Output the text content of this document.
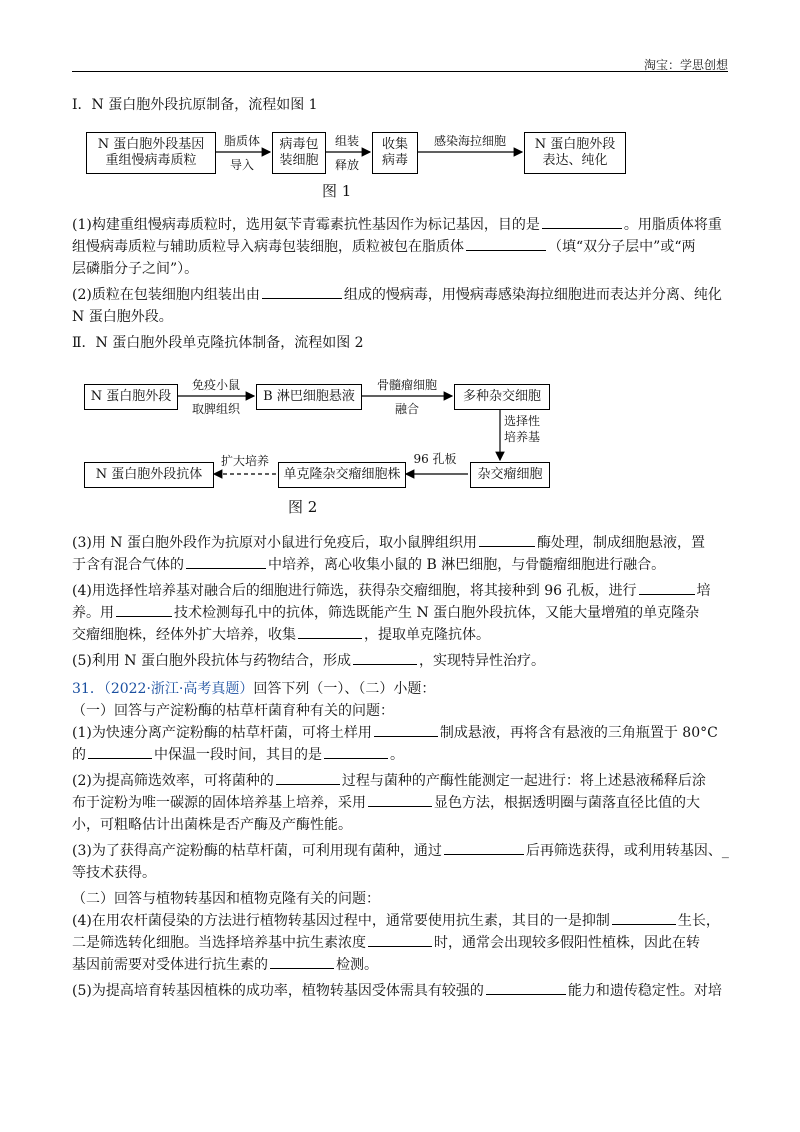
淘宝：学思创想
Ⅰ．N 蛋白胞外段抗原制备，流程如图 1
N 蛋白胞外段基因
重组慢病毒质粒
脂质体
导入
病毒包
装细胞
组装
释放
收集
病毒
感染海拉细胞	N 蛋白胞外段
表达、纯化
图 1
(1)构建重组慢病毒质粒时，选用氨苄青霉素抗性基因作为标记基因，目的是	。用脂质体将重
组慢病毒质粒与辅助质粒导入病毒包装细胞，质粒被包在脂质体	（填“双分子层中”或“两
层磷脂分子之间”）。
(2)质粒在包装细胞内组装出由	组成的慢病毒，用慢病毒感染海拉细胞进而表达并分离、纯化
N 蛋白胞外段。
Ⅱ．N 蛋白胞外段单克隆抗体制备，流程如图 2
N 蛋白胞外段
免疫小鼠
取脾组织
B 淋巴细胞悬液
骨髓瘤细胞
融合
多种杂交细胞
选择性
培养基
杂交瘤细胞
96 孔板
单克隆杂交瘤细胞株
扩大培养
N 蛋白胞外段抗体
图 2
(3)用 N 蛋白胞外段作为抗原对小鼠进行免疫后，取小鼠脾组织用	酶处理，制成细胞悬液，置
于含有混合气体的	中培养，离心收集小鼠的 B 淋巴细胞，与骨髓瘤细胞进行融合。
(4)用选择性培养基对融合后的细胞进行筛选，获得杂交瘤细胞，将其接种到 96 孔板，进行	培
养。用	技术检测每孔中的抗体，筛选既能产生 N 蛋白胞外段抗体，又能大量增殖的单克隆杂
交瘤细胞株，经体外扩大培养，收集	，提取单克隆抗体。
(5)利用 N 蛋白胞外段抗体与药物结合，形成	，实现特异性治疗。
31．（2022·浙江·高考真题）回答下列（一）、（二）小题：
（一）回答与产淀粉酶的枯草杆菌育种有关的问题：
(1)为快速分离产淀粉酶的枯草杆菌，可将土样用	制成悬液，再将含有悬液的三角瓶置于 80°C
的	中保温一段时间，其目的是	。
(2)为提高筛选效率，可将菌种的	过程与菌种的产酶性能测定一起进行：将上述悬液稀释后涂
布于淀粉为唯一碳源的固体培养基上培养，采用	显色方法，根据透明圈与菌落直径比值的大
小，可粗略估计出菌株是否产酶及产酶性能。
(3)为了获得高产淀粉酶的枯草杆菌，可利用现有菌种，通过	后再筛选获得，或利用转基因、_
等技术获得。
（二）回答与植物转基因和植物克隆有关的问题：
(4)在用农杆菌侵染的方法进行植物转基因过程中，通常要使用抗生素，其目的一是抑制	生长，
二是筛选转化细胞。当选择培养基中抗生素浓度	时，通常会出现较多假阳性植株，因此在转
基因前需要对受体进行抗生素的	检测。
(5)为提高培育转基因植株的成功率，植物转基因受体需具有较强的	能力和遗传稳定性。对培
